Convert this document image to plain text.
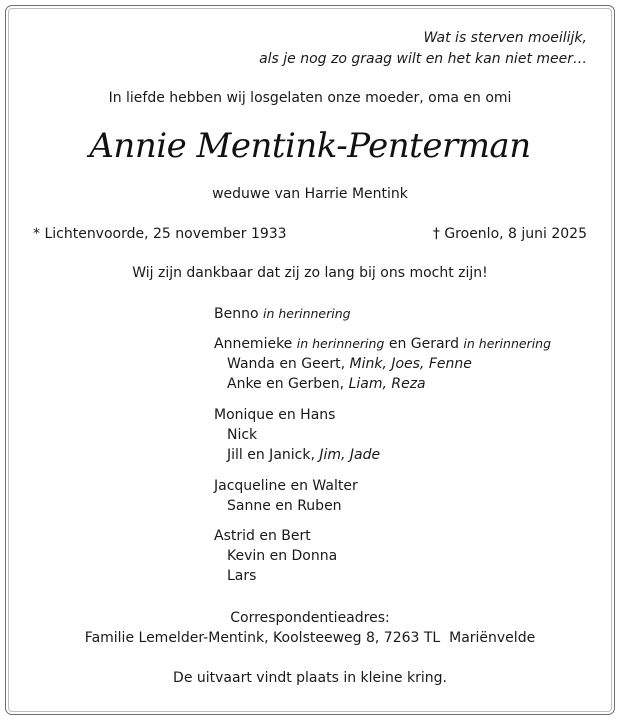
Wat is sterven moeilijk,
als je nog zo graag wilt en het kan niet meer…
In liefde hebben wij losgelaten onze moeder, oma en omi
Annie Mentink-Penterman
weduwe van Harrie Mentink
* Lichtenvoorde, 25 november 1933	† Groenlo, 8 juni 2025
Wij zijn dankbaar dat zij zo lang bij ons mocht zijn!
Benno in herinnering
Annemieke in herinnering en Gerard in herinnering
Wanda en Geert, Mink, Joes, Fenne
Anke en Gerben, Liam, Reza
Monique en Hans
Nick
Jill en Janick, Jim, Jade
Jacqueline en Walter
Sanne en Ruben
Astrid en Bert
Kevin en Donna
Lars
Correspondentieadres:
Familie Lemelder-Mentink, Koolsteeweg 8, 7263 TL  Mariënvelde
De uitvaart vindt plaats in kleine kring.
